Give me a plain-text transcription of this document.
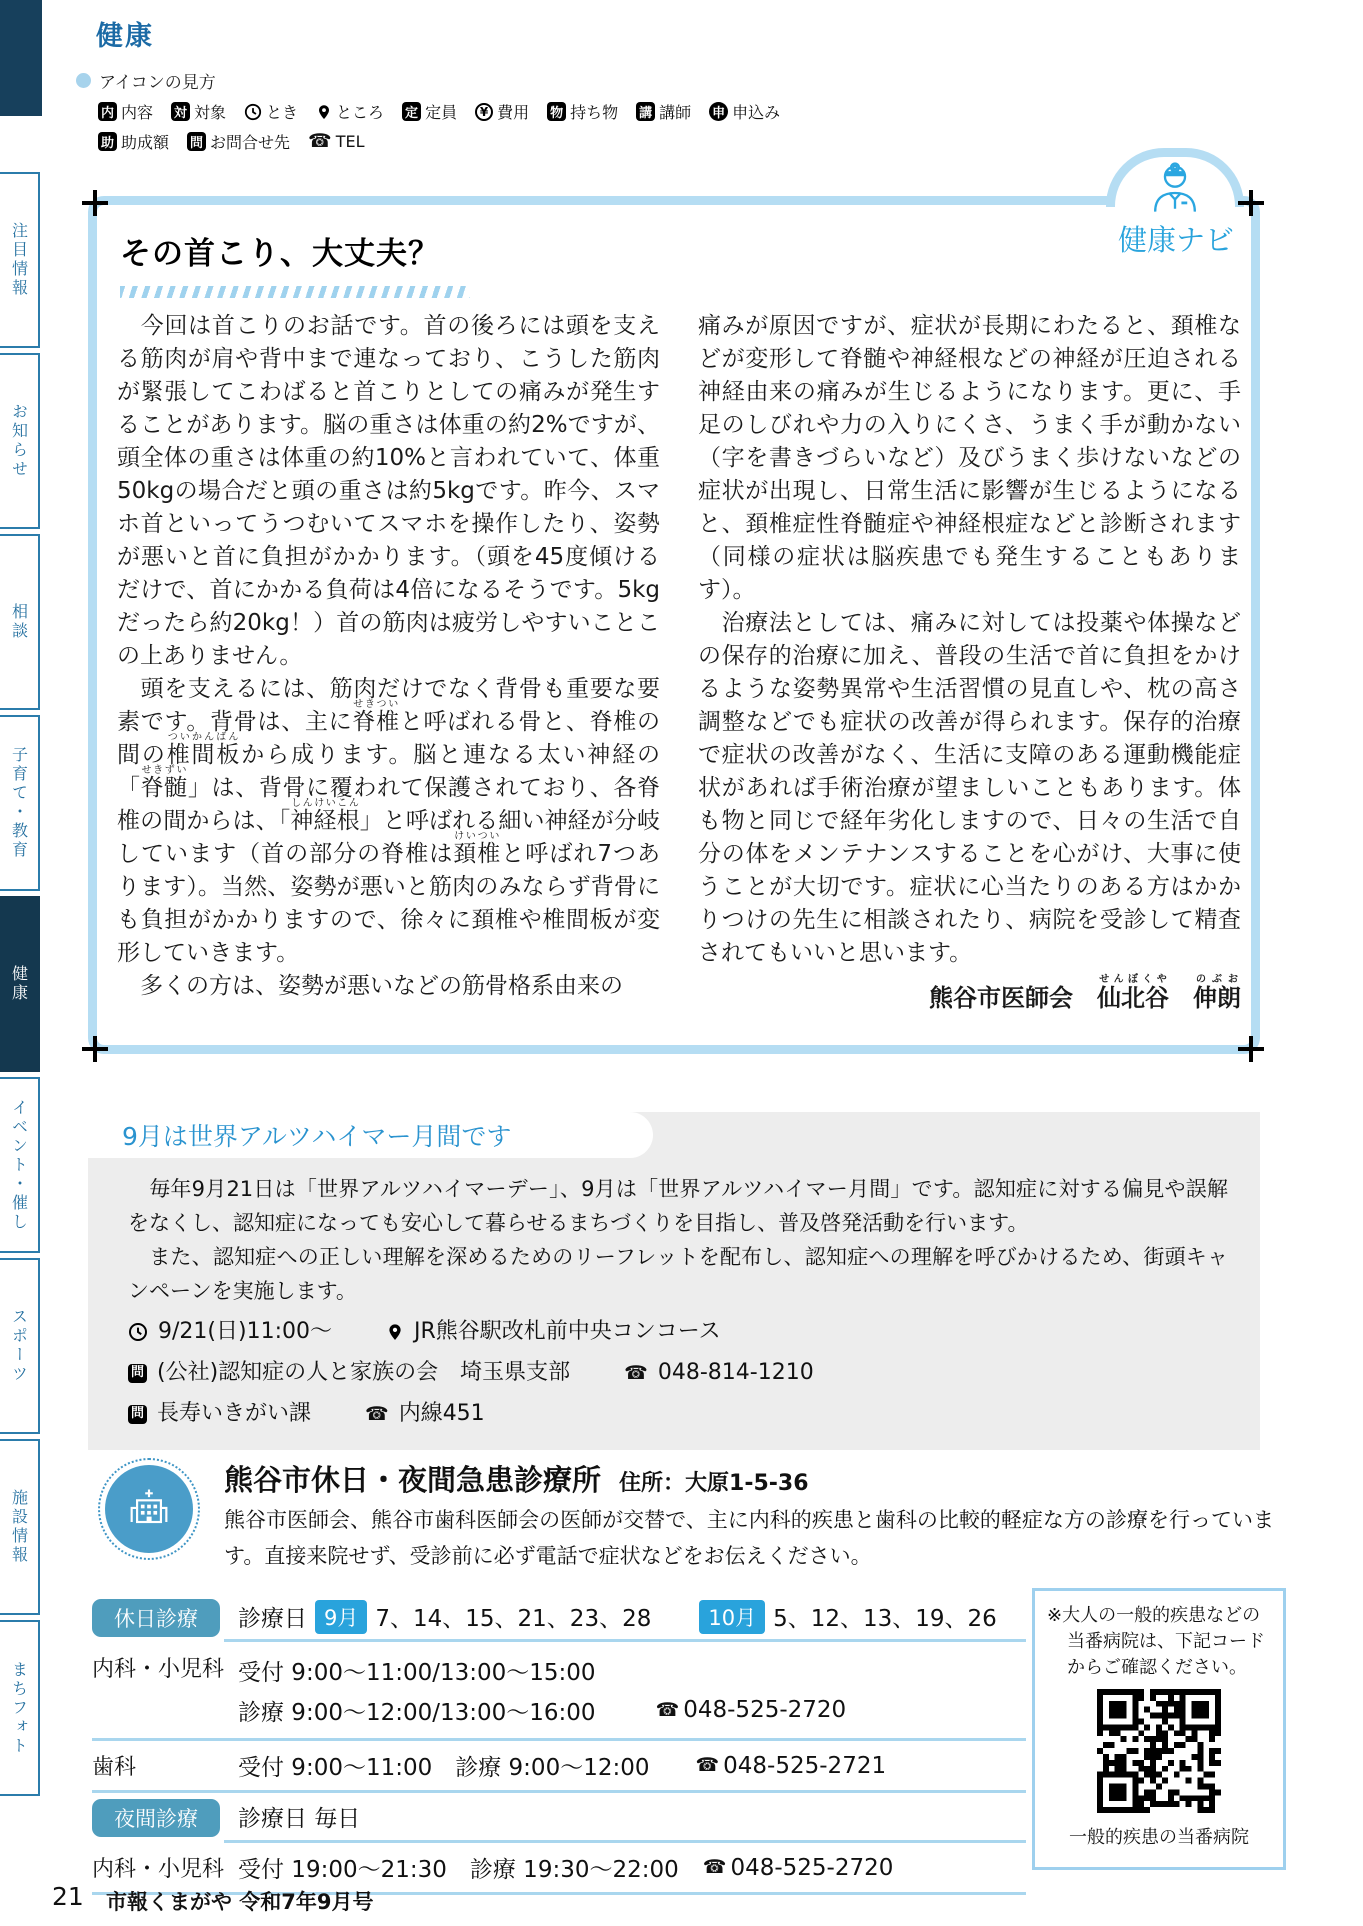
健康
アイコンの見方
内 内容 対 対象	とき ところ 定 定員	¥ 費用 物 持ち物 講 講師 申 申込み
助 助成額 問 お問合せ先 ☎ TEL
注目情報
お知らせ
相談
子育て・教育
健康
イベント・催し
スポーツ
施設情報
まちフォト
健康ナビ
その首こり、大丈夫？

　今回は首こりのお話です。首の後ろには頭を支える筋肉が肩や背中まで連なっており、こうした筋肉が緊張してこわばると首こりとしての痛みが発生することがあります。脳の重さは体重の約2%ですが、頭全体の重さは体重の約10%と言われていて、体重50kgの場合だと頭の重さは約5kgです。昨今、スマホ首といってうつむいてスマホを操作したり、姿勢が悪いと首に負担がかかります。（頭を45度傾けるだけで、首にかかる負荷は4倍になるそうです。5kgだったら約20kg！）首の筋肉は疲労しやすいことこの上ありません。

　頭を支えるには、筋肉だけでなく背骨も重要な要素です。背骨は、主に脊椎せきついと呼ばれる骨と、脊椎の間の椎間板ついかんばんから成ります。脳と連なる太い神経の「脊髄せきずい」は、背骨に覆われて保護されており、各脊椎の間からは、「神経根しんけいこん」と呼ばれる細い神経が分岐しています（首の部分の脊椎は頚椎けいついと呼ばれ7つあります）。当然、姿勢が悪いと筋肉のみならず背骨にも負担がかかりますので、徐々に頚椎や椎間板が変形していきます。

　多くの方は、姿勢が悪いなどの筋骨格系由来の

痛みが原因ですが、症状が長期にわたると、頚椎などが変形して脊髄や神経根などの神経が圧迫される神経由来の痛みが生じるようになります。更に、手足のしびれや力の入りにくさ、うまく手が動かない（字を書きづらいなど）及びうまく歩けないなどの症状が出現し、日常生活に影響が生じるようになると、頚椎症性脊髄症や神経根症などと診断されます（同様の症状は脳疾患でも発生することもあります）。

　治療法としては、痛みに対しては投薬や体操などの保存的治療に加え、普段の生活で首に負担をかけるような姿勢異常や生活習慣の見直しや、枕の高さ調整などでも症状の改善が得られます。保存的治療で症状の改善がなく、生活に支障のある運動機能症状があれば手術治療が望ましいこともあります。体も物と同じで経年劣化しますので、日々の生活で自分の体をメンテナンスすることを心がけ、大事に使うことが大切です。症状に心当たりのある方はかかりつけの先生に相談されたり、病院を受診して精査されてもいいと思います。

熊谷市医師会　仙北谷せんぼくや　伸朗のぶお
9月は世界アルツハイマー月間です

　毎年9月21日は「世界アルツハイマーデー」、9月は「世界アルツハイマー月間」です。認知症に対する偏見や誤解をなくし、認知症になっても安心して暮らせるまちづくりを目指し、普及啓発活動を行います。

　また、認知症への正しい理解を深めるためのリーフレットを配布し、認知症への理解を呼びかけるため、街頭キャンペーンを実施します。

9/21(日)11:00～	JR熊谷駅改札前中央コンコース
問 (公社)認知症の人と家族の会　埼玉県支部	☎ 048-814-1210
問 長寿いきがい課	☎ 内線451
熊谷市休日・夜間急患診療所 住所：大原1-5-36
熊谷市医師会、熊谷市歯科医師会の医師が交替で、主に内科的疾患と歯科の比較的軽症な方の診療を行っています。直接来院せず、受診前に必ず電話で症状などをお伝えください。
休日診療	診療日 9月 7、14、15、21、23、28	10月 5、12、13、19、26
内科・小児科 受付 9:00～11:00/13:00～15:00
診療 9:00～12:00/13:00～16:00	☎ 048-525-2720
歯科	受付 9:00～11:00　診療 9:00～12:00 ☎ 048-525-2721
夜間診療	診療日 毎日
内科・小児科 受付 19:00～21:30　診療 19:30～22:00 ☎ 048-525-2720
※大人の一般的疾患などの当番病院は、下記コードからご確認ください。
一般的疾患の当番病院
21 市報くまがや 令和7年9月号
